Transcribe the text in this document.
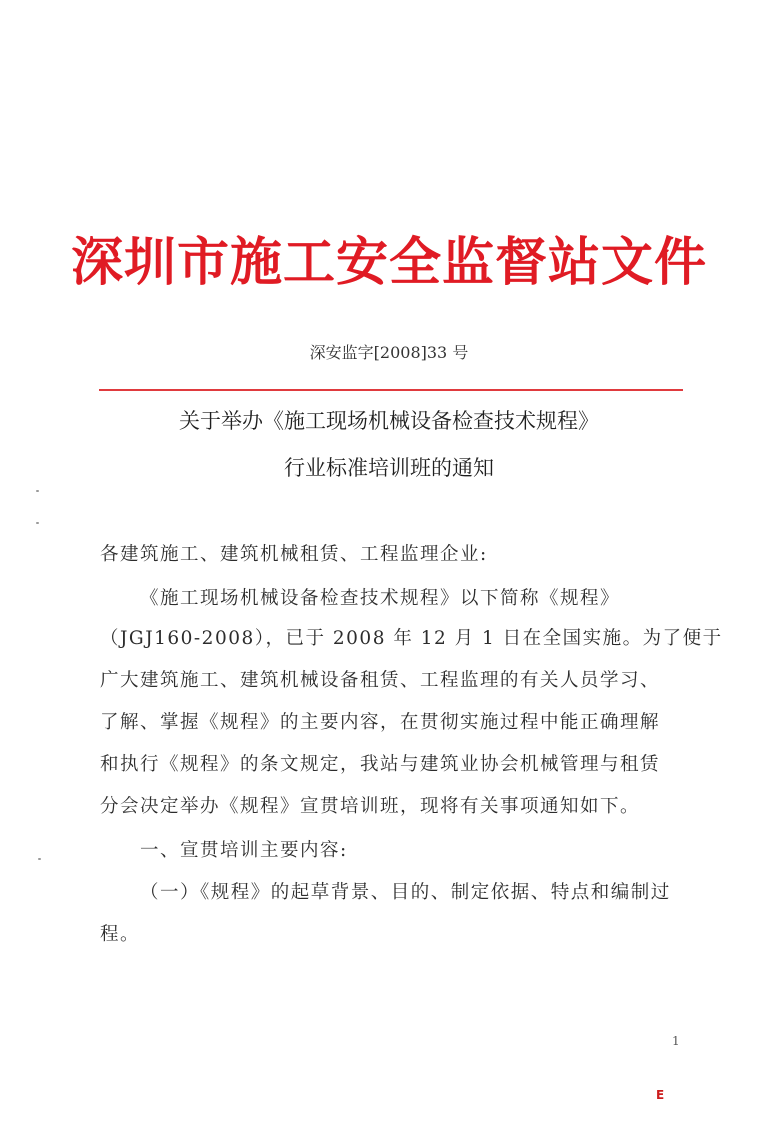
深圳市施工安全监督站文件
深安监字[2008]33 号
关于举办《施工现场机械设备检查技术规程》
行业标准培训班的通知
各建筑施工、建筑机械租赁、工程监理企业:
《施工现场机械设备检查技术规程》以下简称《规程》
（JGJ160-2008），已于 2008 年 12 月 1 日在全国实施。为了便于
广大建筑施工、建筑机械设备租赁、工程监理的有关人员学习、
了解、掌握《规程》的主要内容，在贯彻实施过程中能正确理解
和执行《规程》的条文规定，我站与建筑业协会机械管理与租赁
分会决定举办《规程》宣贯培训班，现将有关事项通知如下。
一、宣贯培训主要内容:
（一）《规程》的起草背景、目的、制定依据、特点和编制过
程。
1
E
